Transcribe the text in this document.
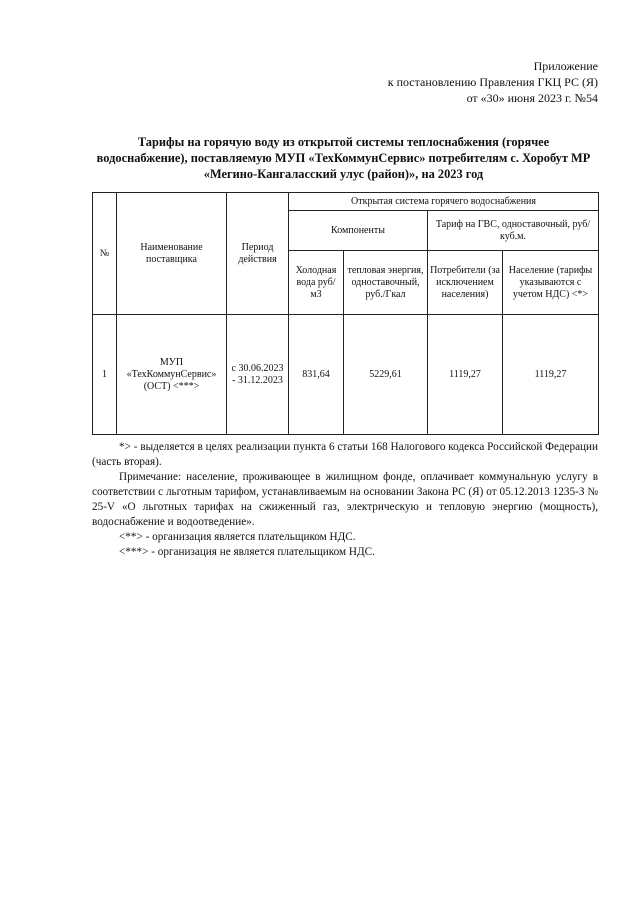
Приложение
к постановлению Правления ГКЦ РС (Я)
от «30» июня 2023 г. №54
Тарифы на горячую воду из открытой системы теплоснабжения (горячее водоснабжение), поставляемую МУП «ТехКоммунСервис» потребителям с. Хоробут МР «Мегино-Кангаласский улус (район)», на 2023 год
№	Наименование поставщика	Период действия	Открытая система горячего водоснабжения			
			Компоненты		Тариф на ГВС, одноставочный, руб/куб.м.	
			Холодная вода руб/м3	тепловая энергия, одноставочный, руб./Гкал	Потребители (за исключением населения)	Население (тарифы указываются с учетом НДС) <*>
1	МУП «ТехКоммунСервис» (ОСТ) <***>	с 30.06.2023 - 31.12.2023	831,64	5229,61	1119,27	1119,27

*> - выделяется в целях реализации пункта 6 статьи 168 Налогового кодекса Российской Федерации (часть вторая).

Примечание: население, проживающее в жилищном фонде, оплачивает коммунальную услугу в соответствии с льготным тарифом, устанавливаемым на основании Закона РС (Я) от 05.12.2013 1235-З № 25-V «О льготных тарифах на сжиженный газ, электрическую и тепловую энергию (мощность), водоснабжение и водоотведение».

<**> - организация является плательщиком НДС.

<***> - организация не является плательщиком НДС.
